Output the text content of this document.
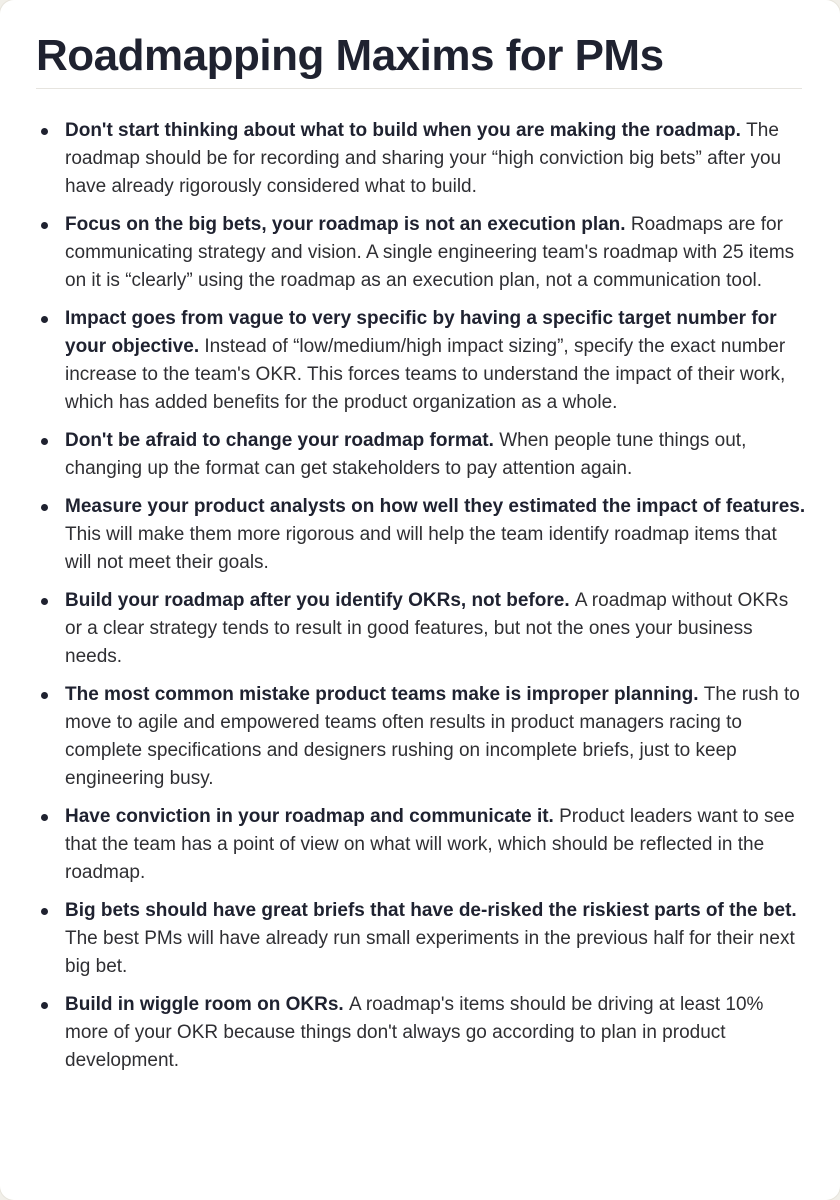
Roadmapping Maxims for PMs
Don't start thinking about what to build when you are making the roadmap. The roadmap should be for recording and sharing your “high conviction big bets” after you have already rigorously considered what to build.
Focus on the big bets, your roadmap is not an execution plan. Roadmaps are for communicating strategy and vision. A single engineering team's roadmap with 25 items on it is “clearly” using the roadmap as an execution plan, not a communication tool.
Impact goes from vague to very specific by having a specific target number for your objective. Instead of “low/medium/high impact sizing”, specify the exact number increase to the team's OKR. This forces teams to understand the impact of their work, which has added benefits for the product organization as a whole.
Don't be afraid to change your roadmap format. When people tune things out, changing up the format can get stakeholders to pay attention again.
Measure your product analysts on how well they estimated the impact of features. This will make them more rigorous and will help the team identify roadmap items that will not meet their goals.
Build your roadmap after you identify OKRs, not before. A roadmap without OKRs or a clear strategy tends to result in good features, but not the ones your business needs.
The most common mistake product teams make is improper planning. The rush to move to agile and empowered teams often results in product managers racing to complete specifications and designers rushing on incomplete briefs, just to keep engineering busy.
Have conviction in your roadmap and communicate it. Product leaders want to see that the team has a point of view on what will work, which should be reflected in the roadmap.
Big bets should have great briefs that have de-risked the riskiest parts of the bet. The best PMs will have already run small experiments in the previous half for their next big bet.
Build in wiggle room on OKRs. A roadmap's items should be driving at least 10% more of your OKR because things don't always go according to plan in product development.
